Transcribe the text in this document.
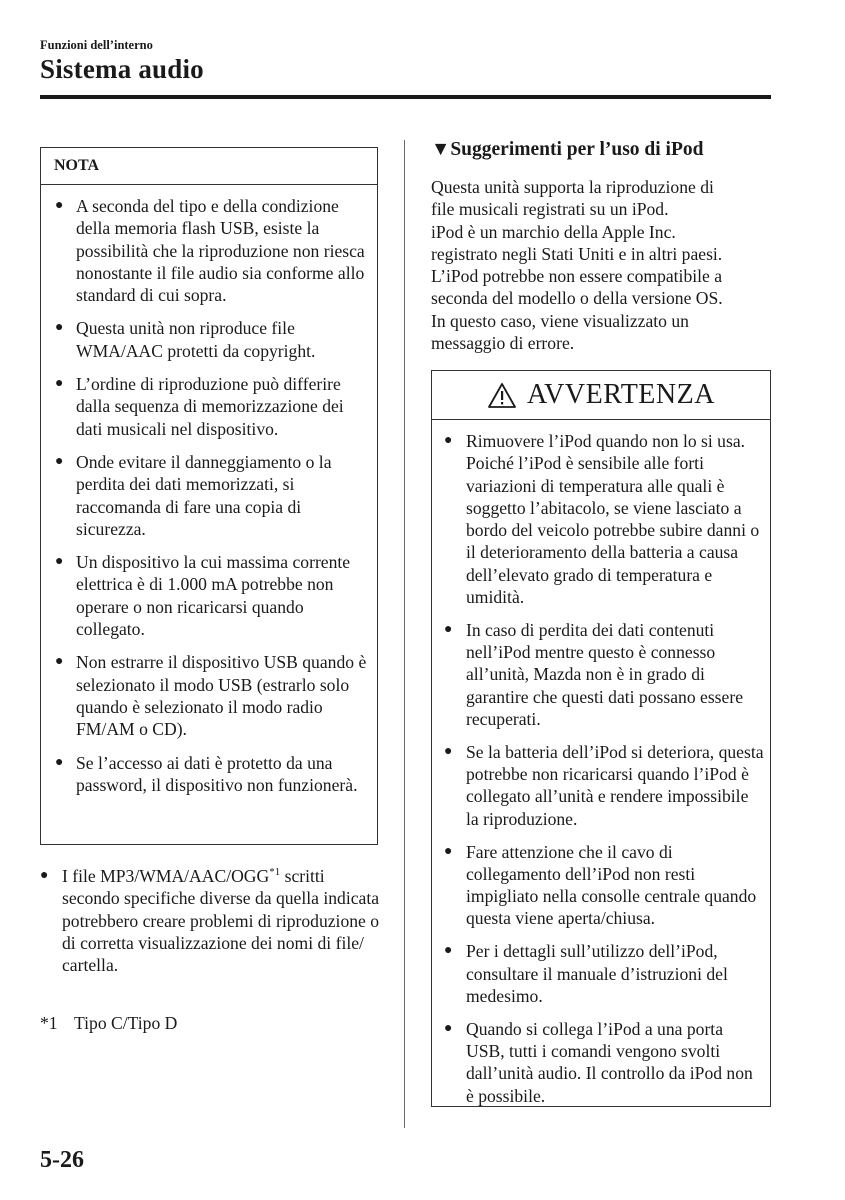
Funzioni dell’interno
Sistema audio
NOTA
● A seconda del tipo e della condizione della memoria flash USB, esiste la possibilità che la riproduzione non riesca nonostante il file audio sia conforme allo standard di cui sopra.
● Questa unità non riproduce file WMA/AAC protetti da copyright.
● L’ordine di riproduzione può differire dalla sequenza di memorizzazione dei dati musicali nel dispositivo.
● Onde evitare il danneggiamento o la perdita dei dati memorizzati, si raccomanda di fare una copia di sicurezza.
● Un dispositivo la cui massima corrente elettrica è di 1.000 mA potrebbe non operare o non ricaricarsi quando collegato.
● Non estrarre il dispositivo USB quando è selezionato il modo USB (estrarlo solo quando è selezionato il modo radio FM/AM o CD).
● Se l’accesso ai dati è protetto da una password, il dispositivo non funzionerà.
● I file MP3/WMA/AAC/OGG$^{*1}$ scritti secondo specifiche diverse da quella indicata potrebbero creare problemi di riproduzione o di corretta visualizzazione dei nomi di file/ cartella.
*1 Tipo C/Tipo D
▼Suggerimenti per l’uso di iPod

Questa unità supporta la riproduzione di
file musicali registrati su un iPod.
iPod è un marchio della Apple Inc.
registrato negli Stati Uniti e in altri paesi.
L’iPod potrebbe non essere compatibile a
seconda del modello o della versione OS.
In questo caso, viene visualizzato un
messaggio di errore.

AVVERTENZA
● Rimuovere l’iPod quando non lo si usa. Poiché l’iPod è sensibile alle forti variazioni di temperatura alle quali è soggetto l’abitacolo, se viene lasciato a bordo del veicolo potrebbe subire danni o il deterioramento della batteria a causa dell’elevato grado di temperatura e umidità.
● In caso di perdita dei dati contenuti nell’iPod mentre questo è connesso all’unità, Mazda non è in grado di garantire che questi dati possano essere recuperati.
● Se la batteria dell’iPod si deteriora, questa potrebbe non ricaricarsi quando l’iPod è collegato all’unità e rendere impossibile la riproduzione.
● Fare attenzione che il cavo di collegamento dell’iPod non resti impigliato nella consolle centrale quando questa viene aperta/chiusa.
● Per i dettagli sull’utilizzo dell’iPod, consultare il manuale d’istruzioni del medesimo.
● Quando si collega l’iPod a una porta USB, tutti i comandi vengono svolti dall’unità audio. Il controllo da iPod non è possibile.
5-26
